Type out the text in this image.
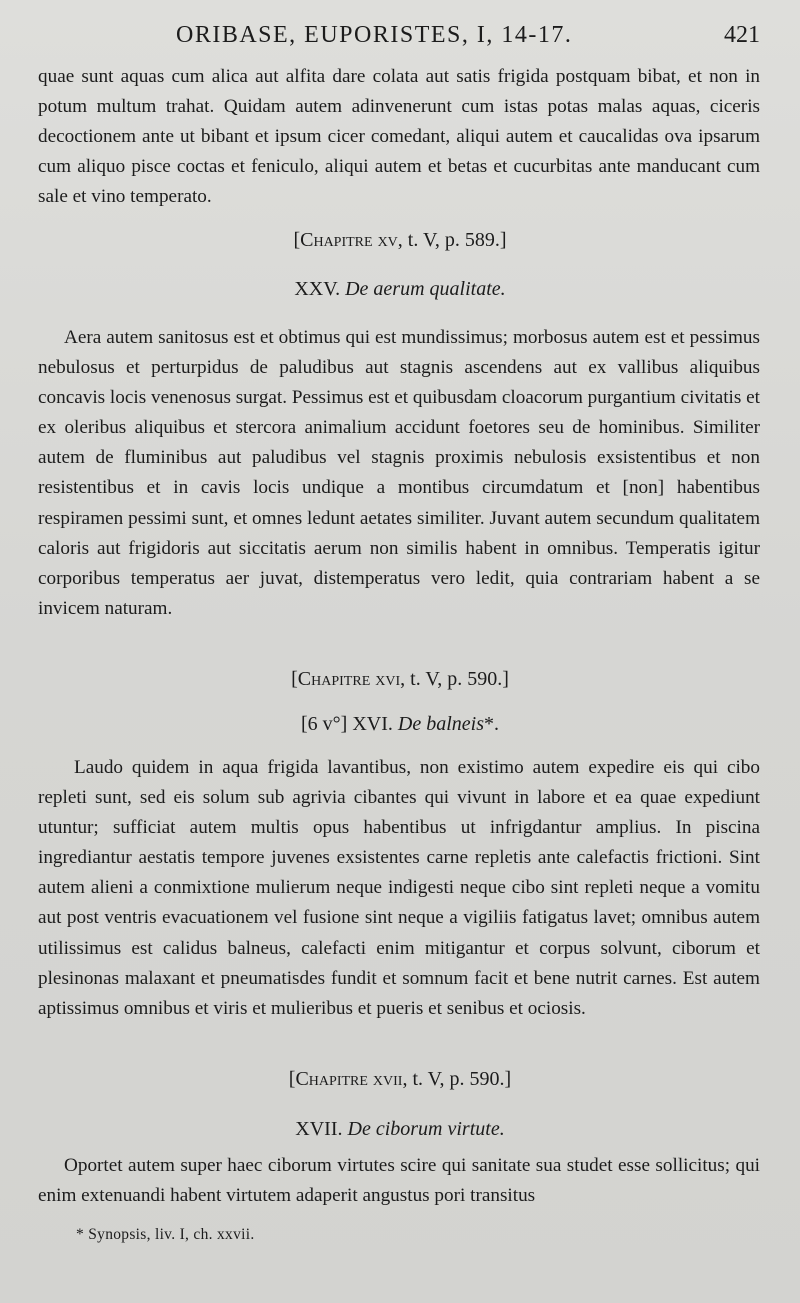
ORIBASE, EUPORISTES, I, 14-17.	421

quae sunt aquas cum alica aut alfita dare colata aut satis frigida postquam bibat, et non in potum multum trahat. Quidam autem adinvenerunt cum istas potas malas aquas, ciceris decoctionem ante ut bibant et ipsum cicer comedant, aliqui autem et caucalidas ova ipsarum cum aliquo pisce coctas et feniculo, aliqui autem et betas et cucurbitas ante manducant cum sale et vino temperato.

[Chapitre xv, t. V, p. 589.]
XXV. De aerum qualitate.

Aera autem sanitosus est et obtimus qui est mundissimus; morbosus autem est et pessimus nebulosus et perturpidus de paludibus aut stagnis ascendens aut ex vallibus aliquibus concavis locis venenosus surgat. Pessimus est et quibusdam cloacorum purgantium civitatis et ex oleribus aliquibus et stercora animalium accidunt foetores seu de hominibus. Similiter autem de fluminibus aut paludibus vel stagnis proximis nebulosis exsistentibus et non resistentibus et in cavis locis undique a montibus circumdatum et [non] habentibus respiramen pessimi sunt, et omnes ledunt aetates similiter. Juvant autem secundum qualitatem caloris aut frigidoris aut siccitatis aerum non similis habent in omnibus. Temperatis igitur corporibus temperatus aer juvat, distemperatus vero ledit, quia contrariam habent a se invicem naturam.

[Chapitre xvi, t. V, p. 590.]
[6 v°] XVI. De balneis*.

Laudo quidem in aqua frigida lavantibus, non existimo autem expedire eis qui cibo repleti sunt, sed eis solum sub agrivia cibantes qui vivunt in labore et ea quae expediunt utuntur; sufficiat autem multis opus habentibus ut infrigdantur amplius. In piscina ingrediantur aestatis tempore juvenes exsistentes carne repletis ante calefactis frictioni. Sint autem alieni a conmixtione mulierum neque indigesti neque cibo sint repleti neque a vomitu aut post ventris evacuationem vel fusione sint neque a vigiliis fatigatus lavet; omnibus autem utilissimus est calidus balneus, calefacti enim mitigantur et corpus solvunt, ciborum et plesinonas malaxant et pneumatisdes fundit et somnum facit et bene nutrit carnes. Est autem aptissimus omnibus et viris et mulieribus et pueris et senibus et ociosis.

[Chapitre xvii, t. V, p. 590.]
XVII. De ciborum virtute.

Oportet autem super haec ciborum virtutes scire qui sanitate sua studet esse sollicitus; qui enim extenuandi habent virtutem adaperit angustus pori transitus

* Synopsis, liv. I, ch. xxvii.
